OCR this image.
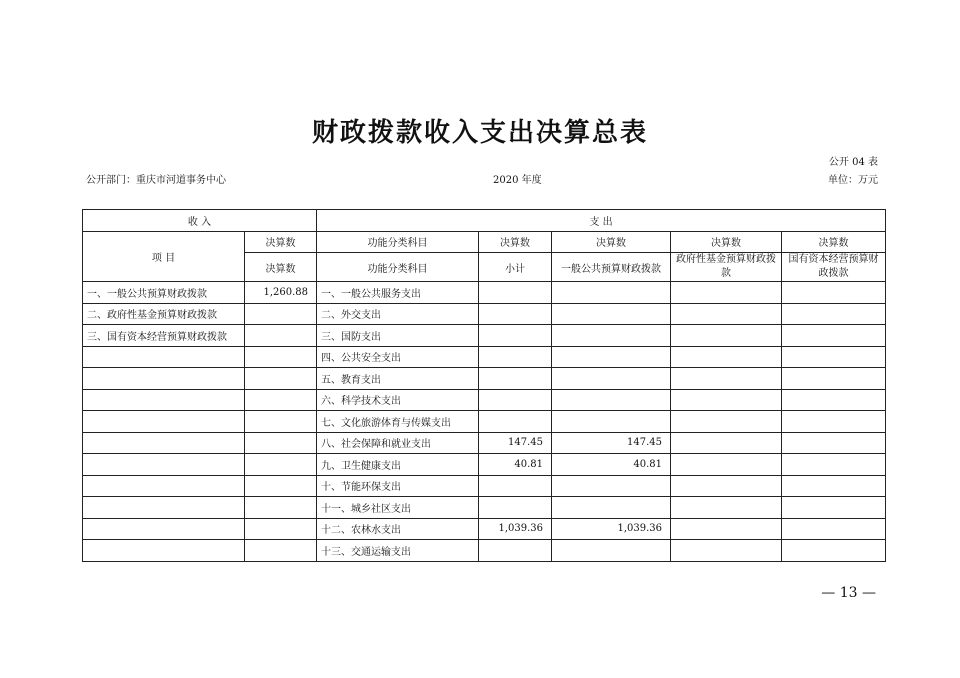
财政拨款收入支出决算总表
公开 04 表
公开部门：重庆市河道事务中心	2020 年度	单位：万元
收 入		支 出				
项 目	决算数	功能分类科目	决算数	决算数	决算数	决算数
	决算数	功能分类科目	小计	一般公共预算财政拨款	政府性基金预算财政拨款	国有资本经营预算财政拨款
一、一般公共预算财政拨款	1,260.88	一、一般公共服务支出				
二、政府性基金预算财政拨款		二、外交支出				
三、国有资本经营预算财政拨款		三、国防支出				
		四、公共安全支出				
		五、教育支出				
		六、科学技术支出				
		七、文化旅游体育与传媒支出				
		八、社会保障和就业支出	147.45	147.45		
		九、卫生健康支出	40.81	40.81		
		十、节能环保支出				
		十一、城乡社区支出				
		十二、农林水支出	1,039.36	1,039.36		
		十三、交通运输支出				
— 13 —
